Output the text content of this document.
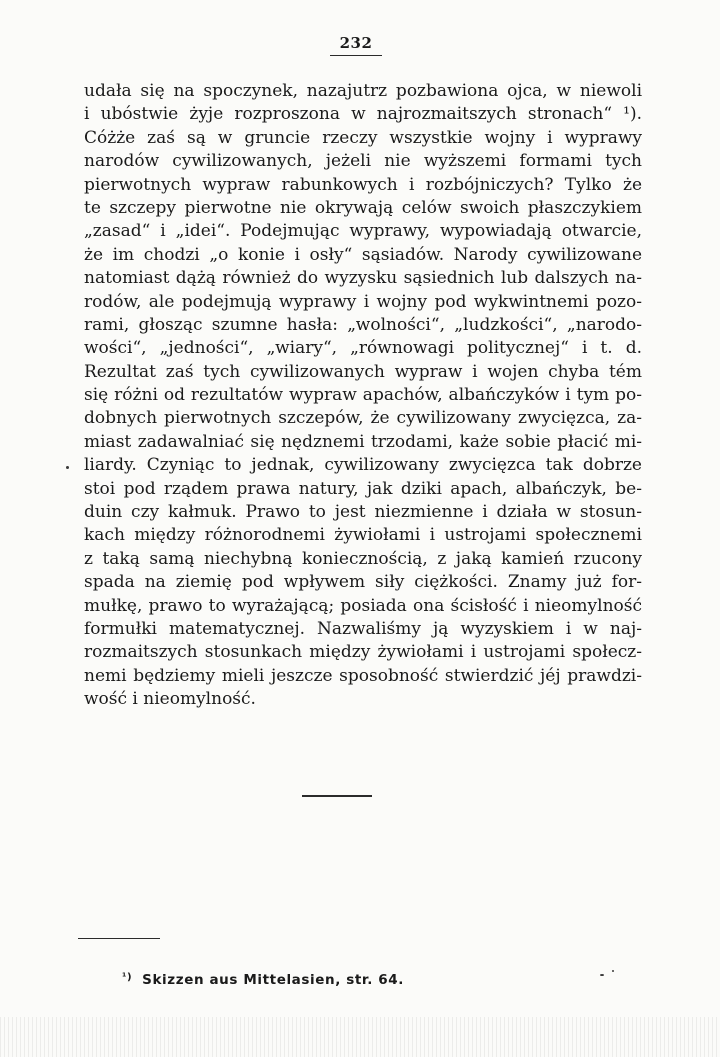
232
udała się na spoczynek, nazajutrz pozbawiona ojca, w niewoli
i ubóstwie żyje rozproszona w najrozmaitszych stronach“ ¹).
Cóżże zaś są w gruncie rzeczy wszystkie wojny i wyprawy
narodów cywilizowanych, jeżeli nie wyższemi formami tych
pierwotnych wypraw rabunkowych i rozbójniczych? Tylko że
te szczepy pierwotne nie okrywają celów swoich płaszczykiem
„zasad“ i „idei“. Podejmując wyprawy, wypowiadają otwarcie,
że im chodzi „o konie i osły“ sąsiadów. Narody cywilizowane
natomiast dążą również do wyzysku sąsiednich lub dalszych na-
rodów, ale podejmują wyprawy i wojny pod wykwintnemi pozo-
rami, głosząc szumne hasła: „wolności“, „ludzkości“, „narodo-
wości“, „jedności“, „wiary“, „równowagi politycznej“ i t. d.
Rezultat zaś tych cywilizowanych wypraw i wojen chyba tém
się różni od rezultatów wypraw apachów, albańczyków i tym po-
dobnych pierwotnych szczepów, że cywilizowany zwycięzca, za-
miast zadawalniać się nędznemi trzodami, każe sobie płacić mi-
liardy. Czyniąc to jednak, cywilizowany zwycięzca tak dobrze
stoi pod rządem prawa natury, jak dziki apach, albańczyk, be-
duin czy kałmuk. Prawo to jest niezmienne i działa w stosun-
kach między różnorodnemi żywiołami i ustrojami społecznemi
z taką samą niechybną koniecznością, z jaką kamień rzucony
spada na ziemię pod wpływem siły ciężkości. Znamy już for-
mułkę, prawo to wyrażającą; posiada ona ścisłość i nieomylność
formułki matematycznej. Nazwaliśmy ją wyzyskiem i w naj-
rozmaitszych stosunkach między żywiołami i ustrojami społecz-
nemi będziemy mieli jeszcze sposobność stwierdzić jéj prawdzi-
wość i nieomylność.
$^{^1)}$ Skizzen aus Mittelasien, str. 64.
